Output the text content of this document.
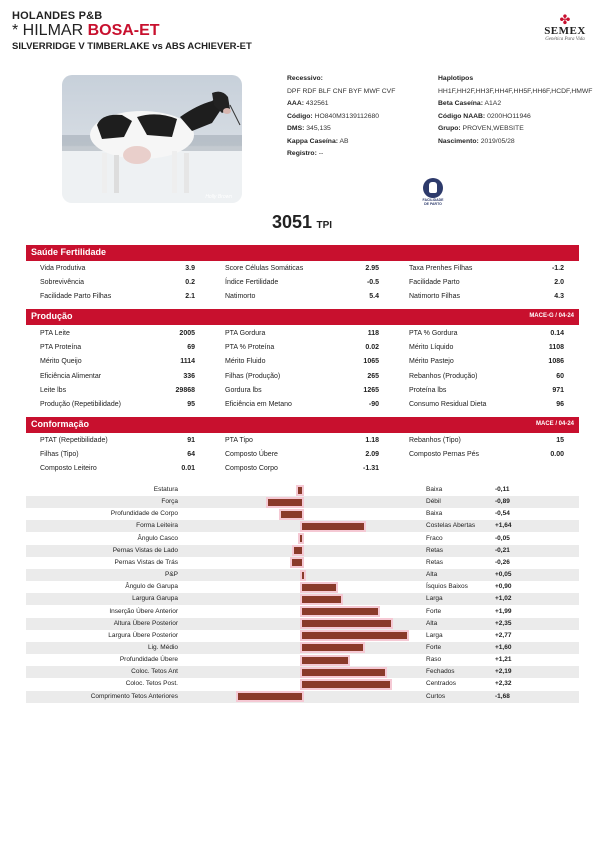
HOLANDES P&B
* HILMAR BOSA-ET
SILVERRIDGE V TIMBERLAKE vs ABS ACHIEVER-ET
✤
SEMEX
Genética Para Vida
Holly Brown
Recessivo:
DPF RDF BLF CNF BYF MWF CVF
AAA: 432561
Código: HO840M3139112680
DMS: 345,135
Kappa Caseína: AB
Registro: --
Haplotipos
HH1F,HH2F,HH3F,HH4F,HH5F,HH6F,HCDF,HMWF
Beta Caseína: A1A2
Código NAAB: 0200HO11946
Grupo: PROVEN,WEBSITE
Nascimento: 2019/05/28
FACILIDADE DE PARTO
3051 TPI
Saúde Fertilidade
Vida Produtiva	3.9	Score Células Somáticas	2.95	Taxa Prenhes Filhas	-1.2
Sobrevivência	0.2	Índice Fertilidade	-0.5	Facilidade Parto	2.0
Facilidade Parto Filhas	2.1	Natimorto	5.4	Natimorto Filhas	4.3
Produção	MACE-G / 04-24
PTA Leite	2005	PTA Gordura	118	PTA % Gordura	0.14
PTA Proteína	69	PTA % Proteína	0.02	Mérito Líquido	1108
Mérito Queijo	1114	Mérito Fluido	1065	Mérito Pastejo	1086
Eficiência Alimentar	336	Filhas (Produção)	265	Rebanhos (Produção)	60
Leite lbs	29868	Gordura lbs	1265	Proteína lbs	971
Produção (Repetibilidade)	95	Eficiência em Metano	-90	Consumo Residual Dieta	96
Conformação	MACE / 04-24
PTAT (Repetibilidade)	91	PTA Tipo	1.18	Rebanhos (Tipo)	15
Filhas (Tipo)	64	Composto Úbere	2.09	Composto Pernas Pés	0.00
Composto Leiteiro	0.01	Composto Corpo	-1.31
Estatura	Baixa	-0,11
Força	Débil	-0,89
Profundidade de Corpo	Baixa	-0,54
Forma Leiteira	Costelas Abertas	+1,64
Ângulo Casco	Fraco	-0,05
Pernas Vistas de Lado	Retas	-0,21
Pernas Vistas de Trás	Retas	-0,26
P&P	Alta	+0,05
Ângulo de Garupa	Ísquios Baixos	+0,90
Largura Garupa	Larga	+1,02
Inserção Úbere Anterior	Forte	+1,99
Altura Úbere Posterior	Alta	+2,35
Largura Úbere Posterior	Larga	+2,77
Lig. Médio	Forte	+1,60
Profundidade Úbere	Raso	+1,21
Coloc. Tetos Ant	Fechados	+2,19
Coloc. Tetos Post.	Centrados	+2,32
Comprimento Tetos Anteriores	Curtos	-1,68
